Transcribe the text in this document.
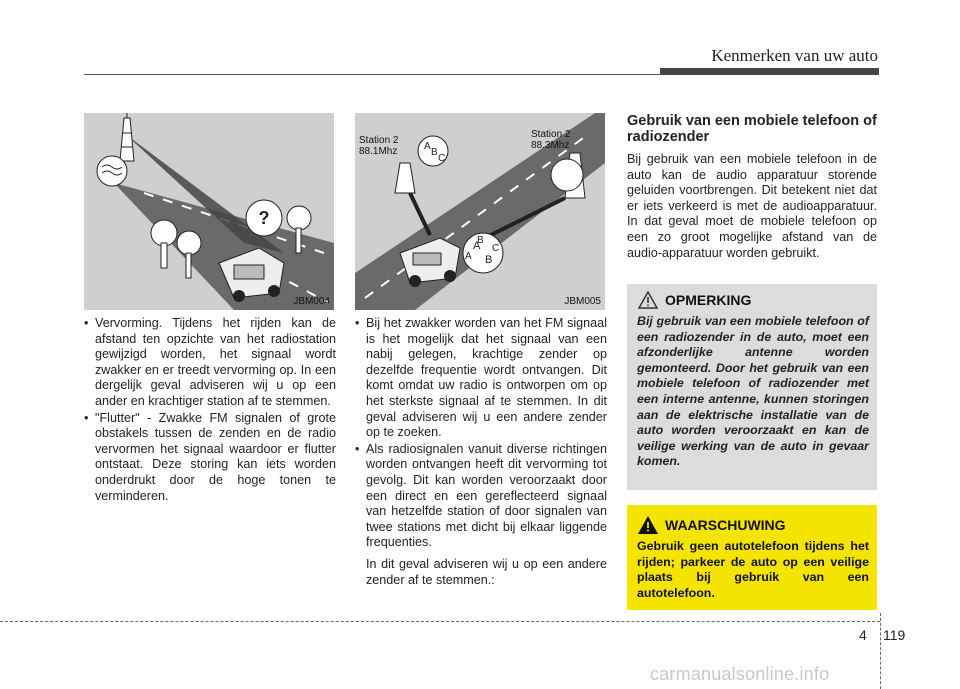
Kenmerken van uw auto
?
JBM004
Station 2
88.1Mhz
Station 2
88.3Mhz
A
B
C
A
B
A
B
C
JBM005
• Vervorming. Tijdens het rijden kan de afstand ten opzichte van het radiostation gewijzigd worden, het signaal wordt zwakker en er treedt vervorming op. In een dergelijk geval adviseren wij u op een ander en krachtiger station af te stemmen.
• "Flutter" - Zwakke FM signalen of grote obstakels tussen de zenden en de radio vervormen het signaal waardoor er flutter ontstaat. Deze storing kan iets worden onderdrukt door de hoge tonen te verminderen.
• Bij het zwakker worden van het FM signaal is het mogelijk dat het signaal van een nabij gelegen, krachtige zender op dezelfde frequentie wordt ontvangen. Dit komt omdat uw radio is ontworpen om op het sterkste signaal af te stemmen. In dit geval adviseren wij u een andere zender op te zoeken.
• Als radiosignalen vanuit diverse richtingen worden ontvangen heeft dit vervorming tot gevolg. Dit kan worden veroorzaakt door een direct en een gereflecteerd signaal van hetzelfde station of door signalen van twee stations met dicht bij elkaar liggende frequenties.

In dit geval adviseren wij u op een andere zender af te stemmen.:

Gebruik van een mobiele telefoon of radiozender

Bij gebruik van een mobiele telefoon in de auto kan de audio apparatuur storende geluiden voortbrengen. Dit betekent niet dat er iets verkeerd is met de audioapparatuur. In dat geval moet de mobiele telefoon op een zo groot mogelijke afstand van de audio-apparatuur worden gebruikt.

OPMERKING
Bij gebruik van een mobiele telefoon of een radiozender in de auto, moet een afzonderlijke antenne worden gemonteerd. Door het gebruik van een mobiele telefoon of radiozender met een interne antenne, kunnen storingen aan de elektrische installatie van de auto worden veroorzaakt en kan de veilige werking van de auto in gevaar komen.
WAARSCHUWING
Gebruik geen autotelefoon tijdens het rijden; parkeer de auto op een veilige plaats bij gebruik van een autotelefoon.
4 119
carmanualsonline.info
